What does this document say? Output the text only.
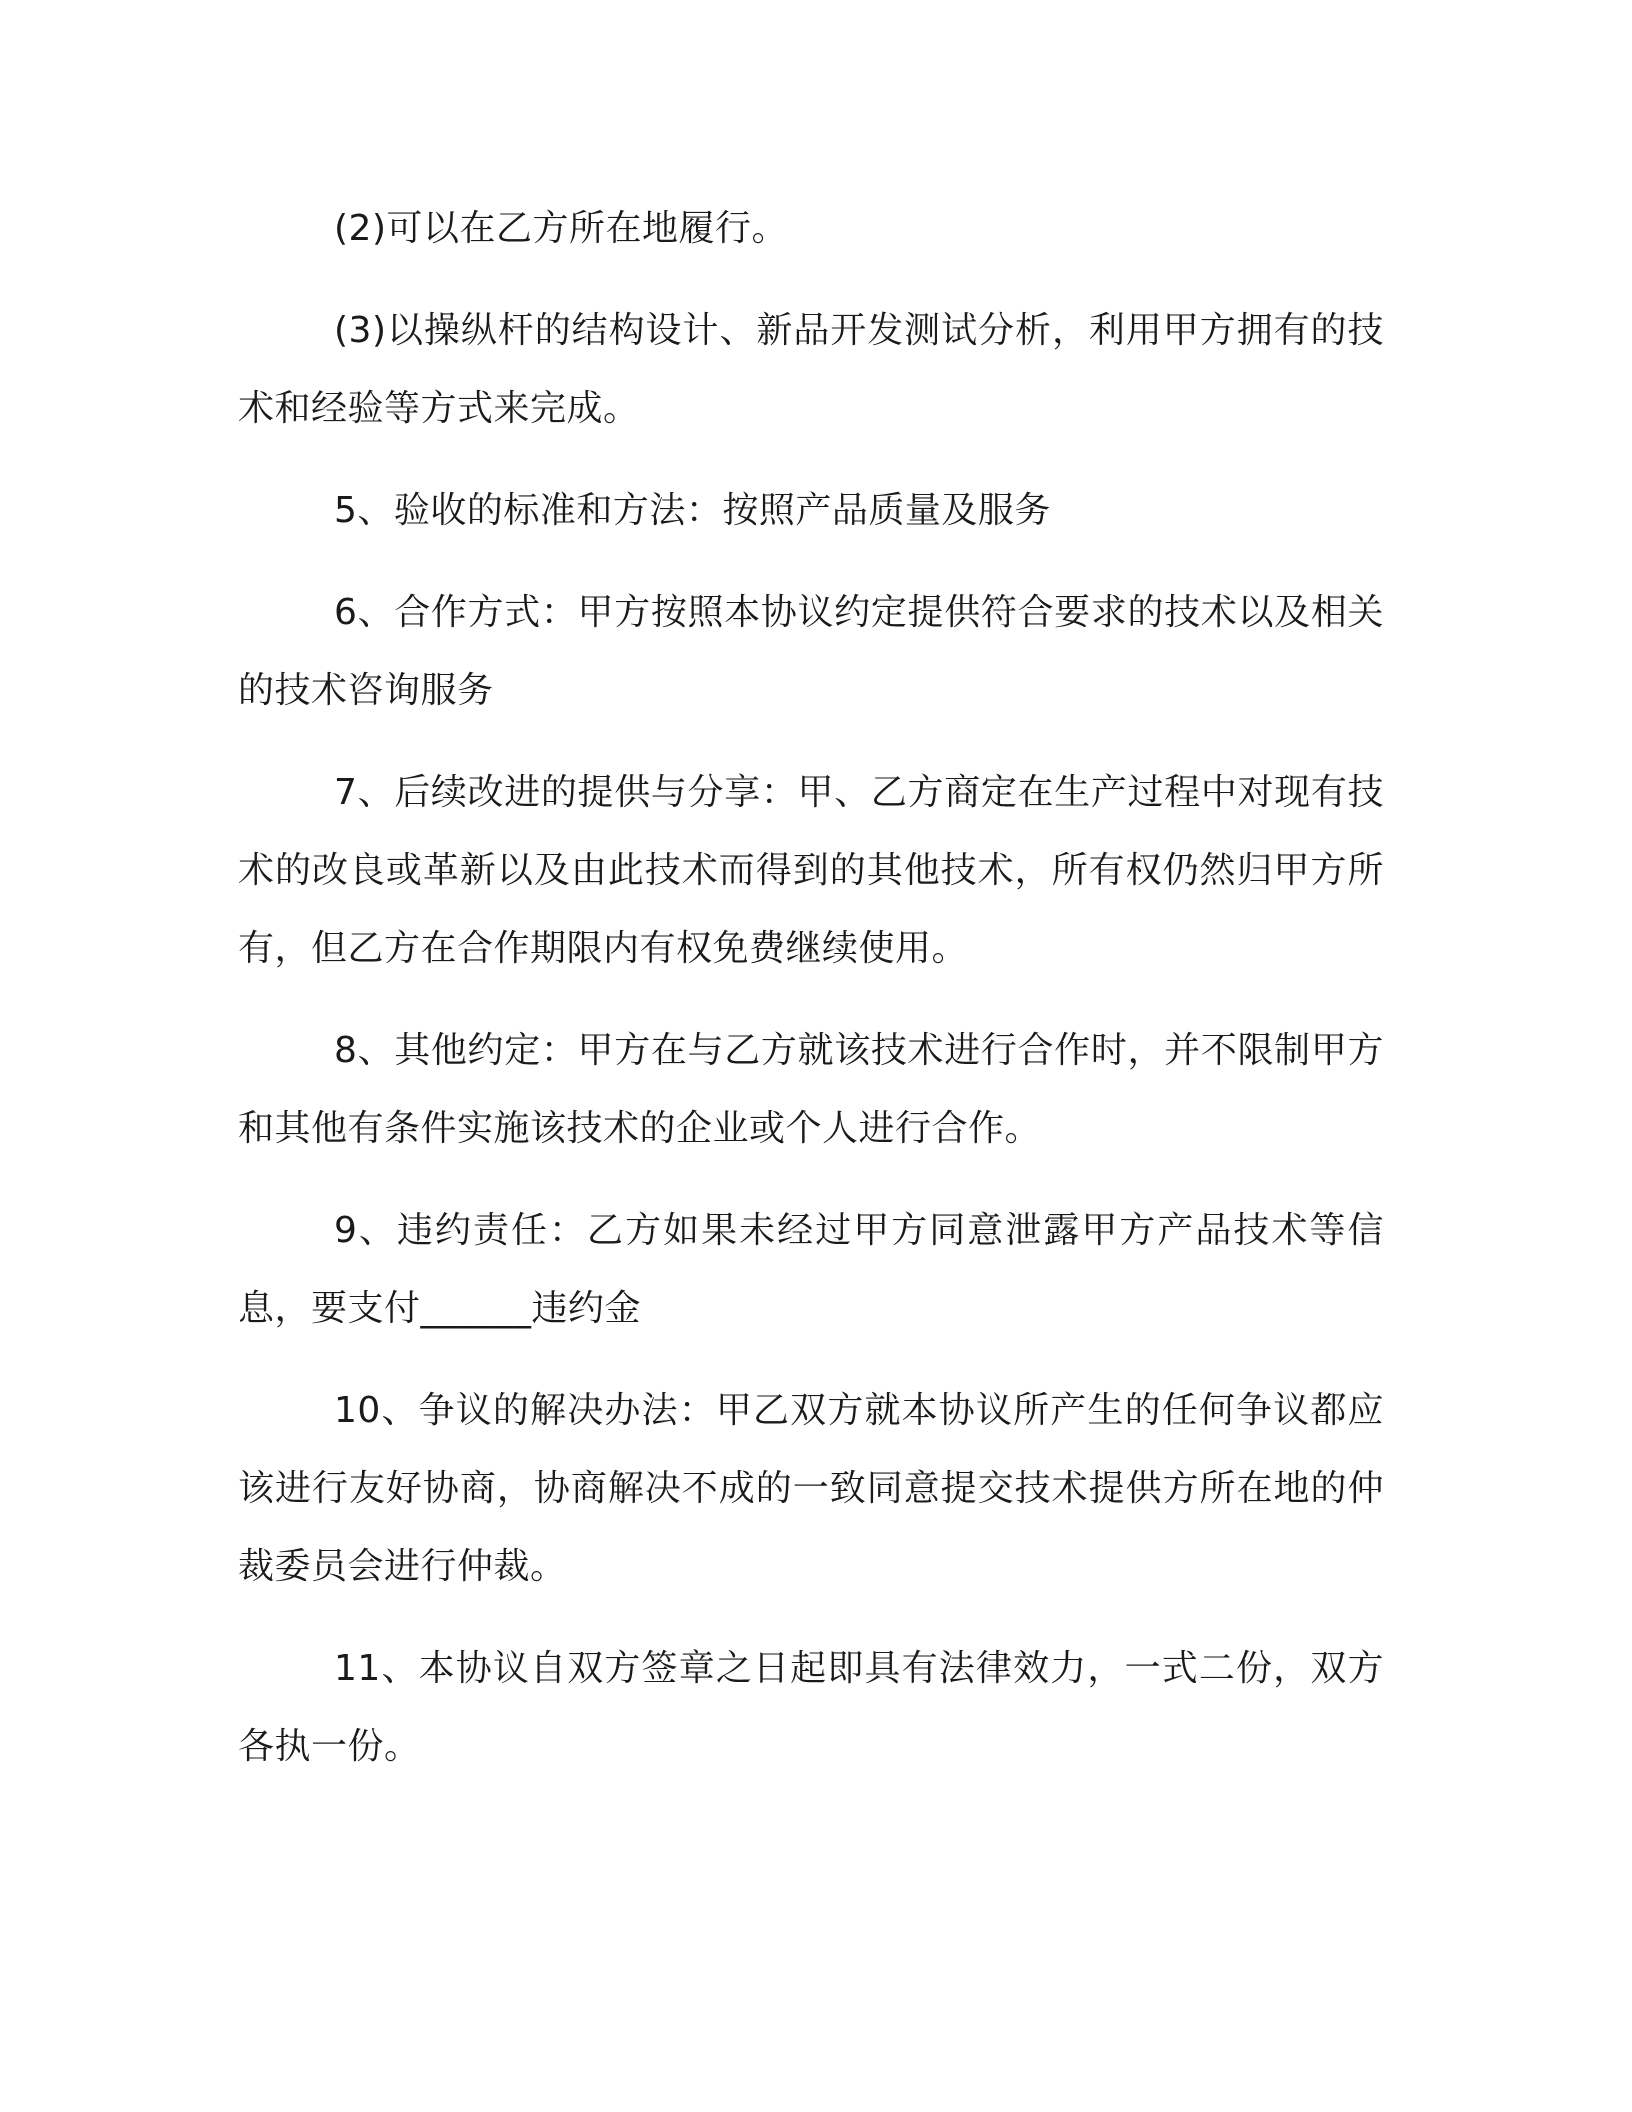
(2)可以在乙方所在地履行。

(3)以操纵杆的结构设计、新品开发测试分析，利用甲方拥有的技术和经验等方式来完成。

5、验收的标准和方法：按照产品质量及服务

6、合作方式：甲方按照本协议约定提供符合要求的技术以及相关的技术咨询服务

7、后续改进的提供与分享：甲、乙方商定在生产过程中对现有技术的改良或革新以及由此技术而得到的其他技术，所有权仍然归甲方所有，但乙方在合作期限内有权免费继续使用。

8、其他约定：甲方在与乙方就该技术进行合作时，并不限制甲方和其他有条件实施该技术的企业或个人进行合作。

9、违约责任：乙方如果未经过甲方同意泄露甲方产品技术等信息，要支付______违约金

10、争议的解决办法：甲乙双方就本协议所产生的任何争议都应该进行友好协商，协商解决不成的一致同意提交技术提供方所在地的仲裁委员会进行仲裁。

11、本协议自双方签章之日起即具有法律效力，一式二份，双方各执一份。
